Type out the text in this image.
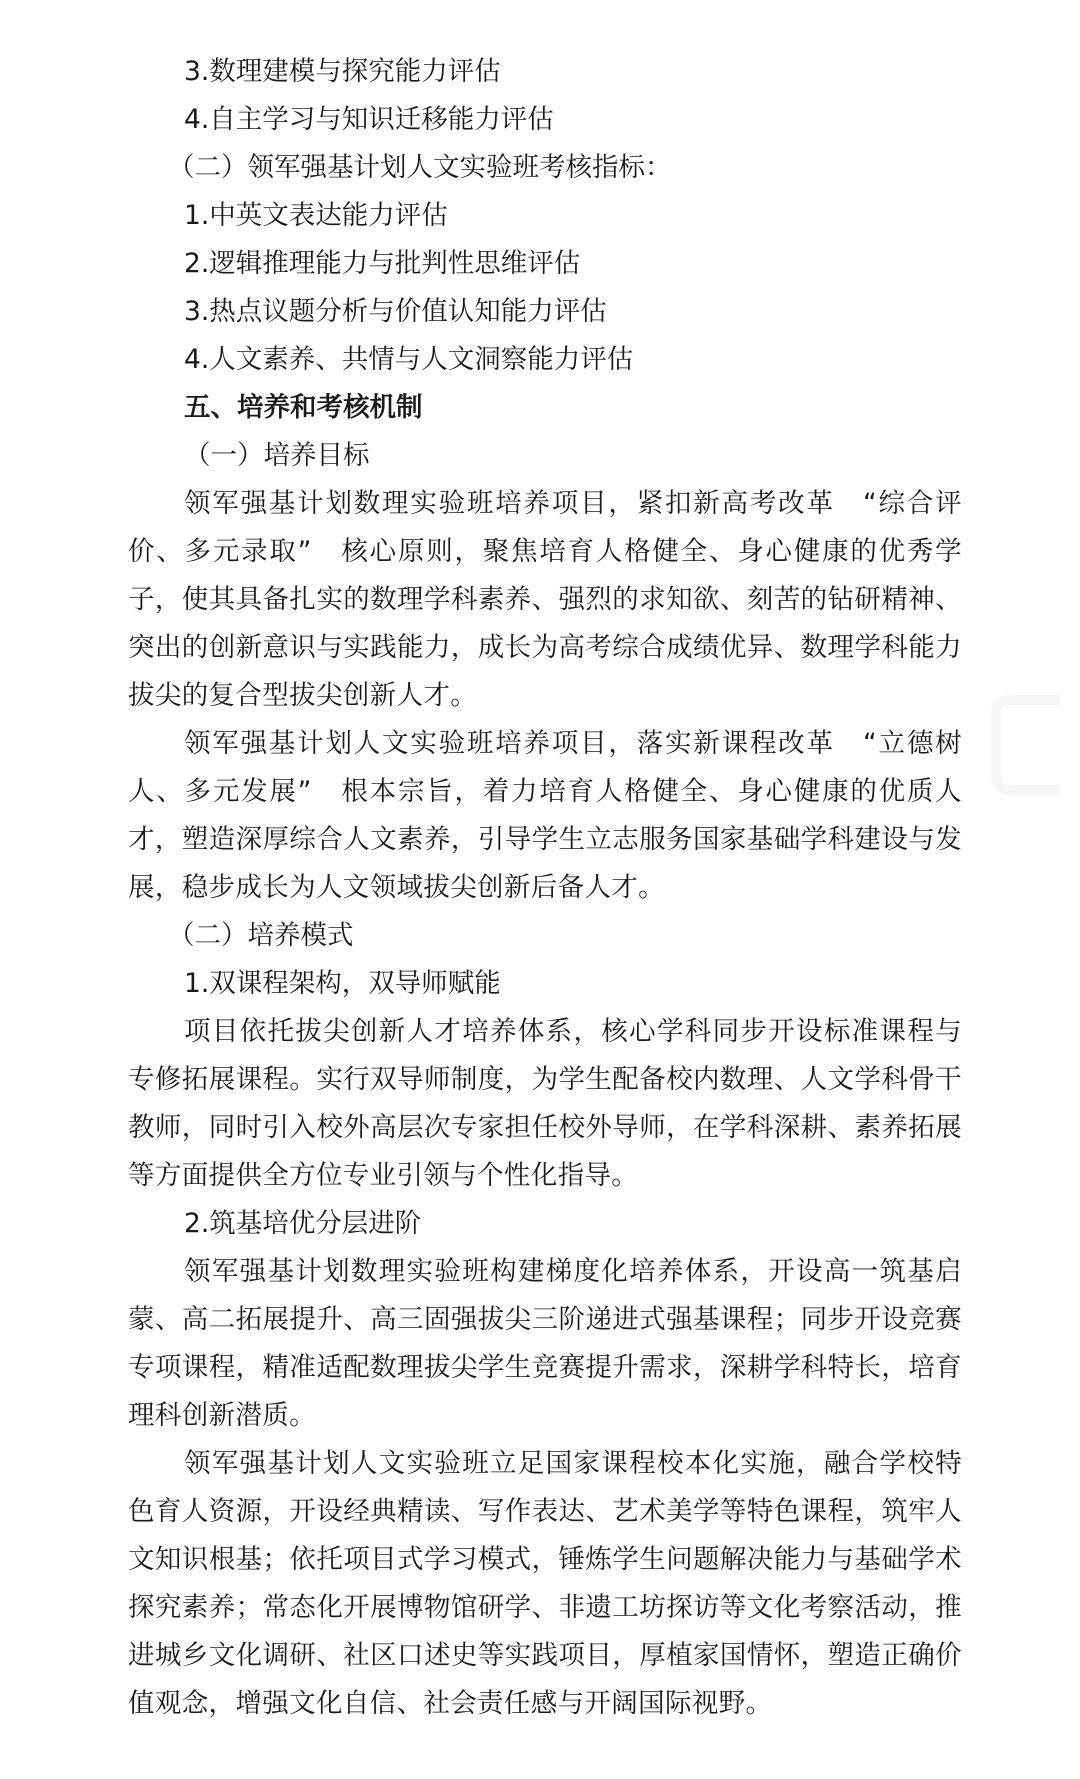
3.数理建模与探究能力评估

4.自主学习与知识迁移能力评估

（二）领军强基计划人文实验班考核指标：

1.中英文表达能力评估

2.逻辑推理能力与批判性思维评估

3.热点议题分析与价值认知能力评估

4.人文素养、共情与人文洞察能力评估

五、培养和考核机制

（一）培养目标

领军强基计划数理实验班培养项目，紧扣新高考改革　“综合评价、多元录取”　核心原则，聚焦培育人格健全、身心健康的优秀学子，使其具备扎实的数理学科素养、强烈的求知欲、刻苦的钻研精神、突出的创新意识与实践能力，成长为高考综合成绩优异、数理学科能力拔尖的复合型拔尖创新人才。

领军强基计划人文实验班培养项目，落实新课程改革　“立德树人、多元发展”　根本宗旨，着力培育人格健全、身心健康的优质人才，塑造深厚综合人文素养，引导学生立志服务国家基础学科建设与发展，稳步成长为人文领域拔尖创新后备人才。

（二）培养模式

1.双课程架构，双导师赋能

项目依托拔尖创新人才培养体系，核心学科同步开设标准课程与专修拓展课程。实行双导师制度，为学生配备校内数理、人文学科骨干教师，同时引入校外高层次专家担任校外导师，在学科深耕、素养拓展等方面提供全方位专业引领与个性化指导。

2.筑基培优分层进阶

领军强基计划数理实验班构建梯度化培养体系，开设高一筑基启蒙、高二拓展提升、高三固强拔尖三阶递进式强基课程；同步开设竞赛专项课程，精准适配数理拔尖学生竞赛提升需求，深耕学科特长，培育理科创新潜质。

领军强基计划人文实验班立足国家课程校本化实施，融合学校特色育人资源，开设经典精读、写作表达、艺术美学等特色课程，筑牢人文知识根基；依托项目式学习模式，锤炼学生问题解决能力与基础学术探究素养；常态化开展博物馆研学、非遗工坊探访等文化考察活动，推进城乡文化调研、社区口述史等实践项目，厚植家国情怀，塑造正确价值观念，增强文化自信、社会责任感与开阔国际视野。
